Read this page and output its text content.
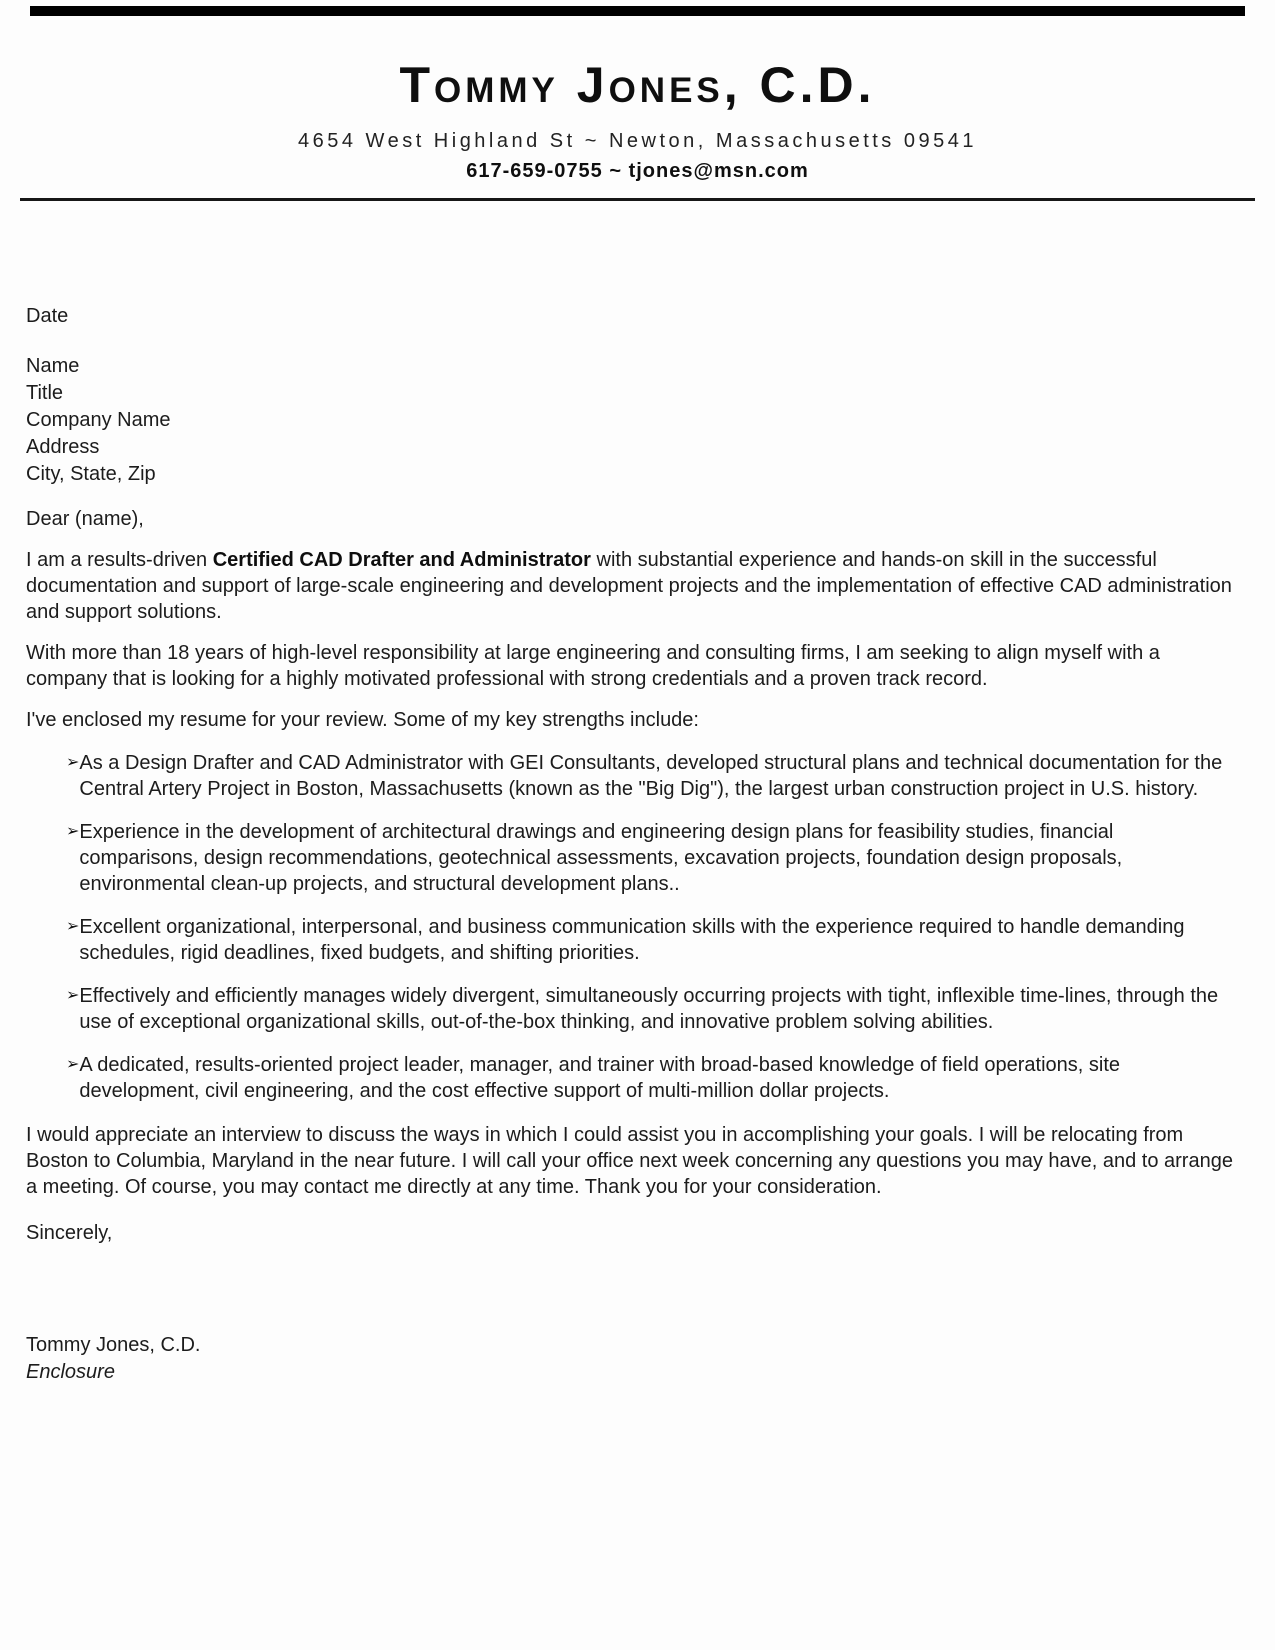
Tommy Jones, C.D.
4654 West Highland St ~ Newton, Massachusetts 09541
617-659-0755 ~ tjones@msn.com
Date
Name
Title
Company Name
Address
City, State, Zip
Dear (name),

I am a results-driven Certified CAD Drafter and Administrator with substantial experience and hands-on skill in the successful documentation and support of large-scale engineering and development projects and the implementation of effective CAD administration and support solutions.

With more than 18 years of high-level responsibility at large engineering and consulting firms, I am seeking to align myself with a company that is looking for a highly motivated professional with strong credentials and a proven track record.

I've enclosed my resume for your review. Some of my key strengths include:

➢ As a Design Drafter and CAD Administrator with GEI Consultants, developed structural plans and technical documentation for the Central Artery Project in Boston, Massachusetts (known as the "Big Dig"), the largest urban construction project in U.S. history.
➢ Experience in the development of architectural drawings and engineering design plans for feasibility studies, financial comparisons, design recommendations, geotechnical assessments, excavation projects, foundation design proposals, environmental clean-up projects, and structural development plans..
➢ Excellent organizational, interpersonal, and business communication skills with the experience required to handle demanding schedules, rigid deadlines, fixed budgets, and shifting priorities.
➢ Effectively and efficiently manages widely divergent, simultaneously occurring projects with tight, inflexible time-lines, through the use of exceptional organizational skills, out-of-the-box thinking, and innovative problem solving abilities.
➢ A dedicated, results-oriented project leader, manager, and trainer with broad-based knowledge of field operations, site development, civil engineering, and the cost effective support of multi-million dollar projects.

I would appreciate an interview to discuss the ways in which I could assist you in accomplishing your goals. I will be relocating from Boston to Columbia, Maryland in the near future. I will call your office next week concerning any questions you may have, and to arrange a meeting. Of course, you may contact me directly at any time. Thank you for your consideration.

Sincerely,
Tommy Jones, C.D.
Enclosure
